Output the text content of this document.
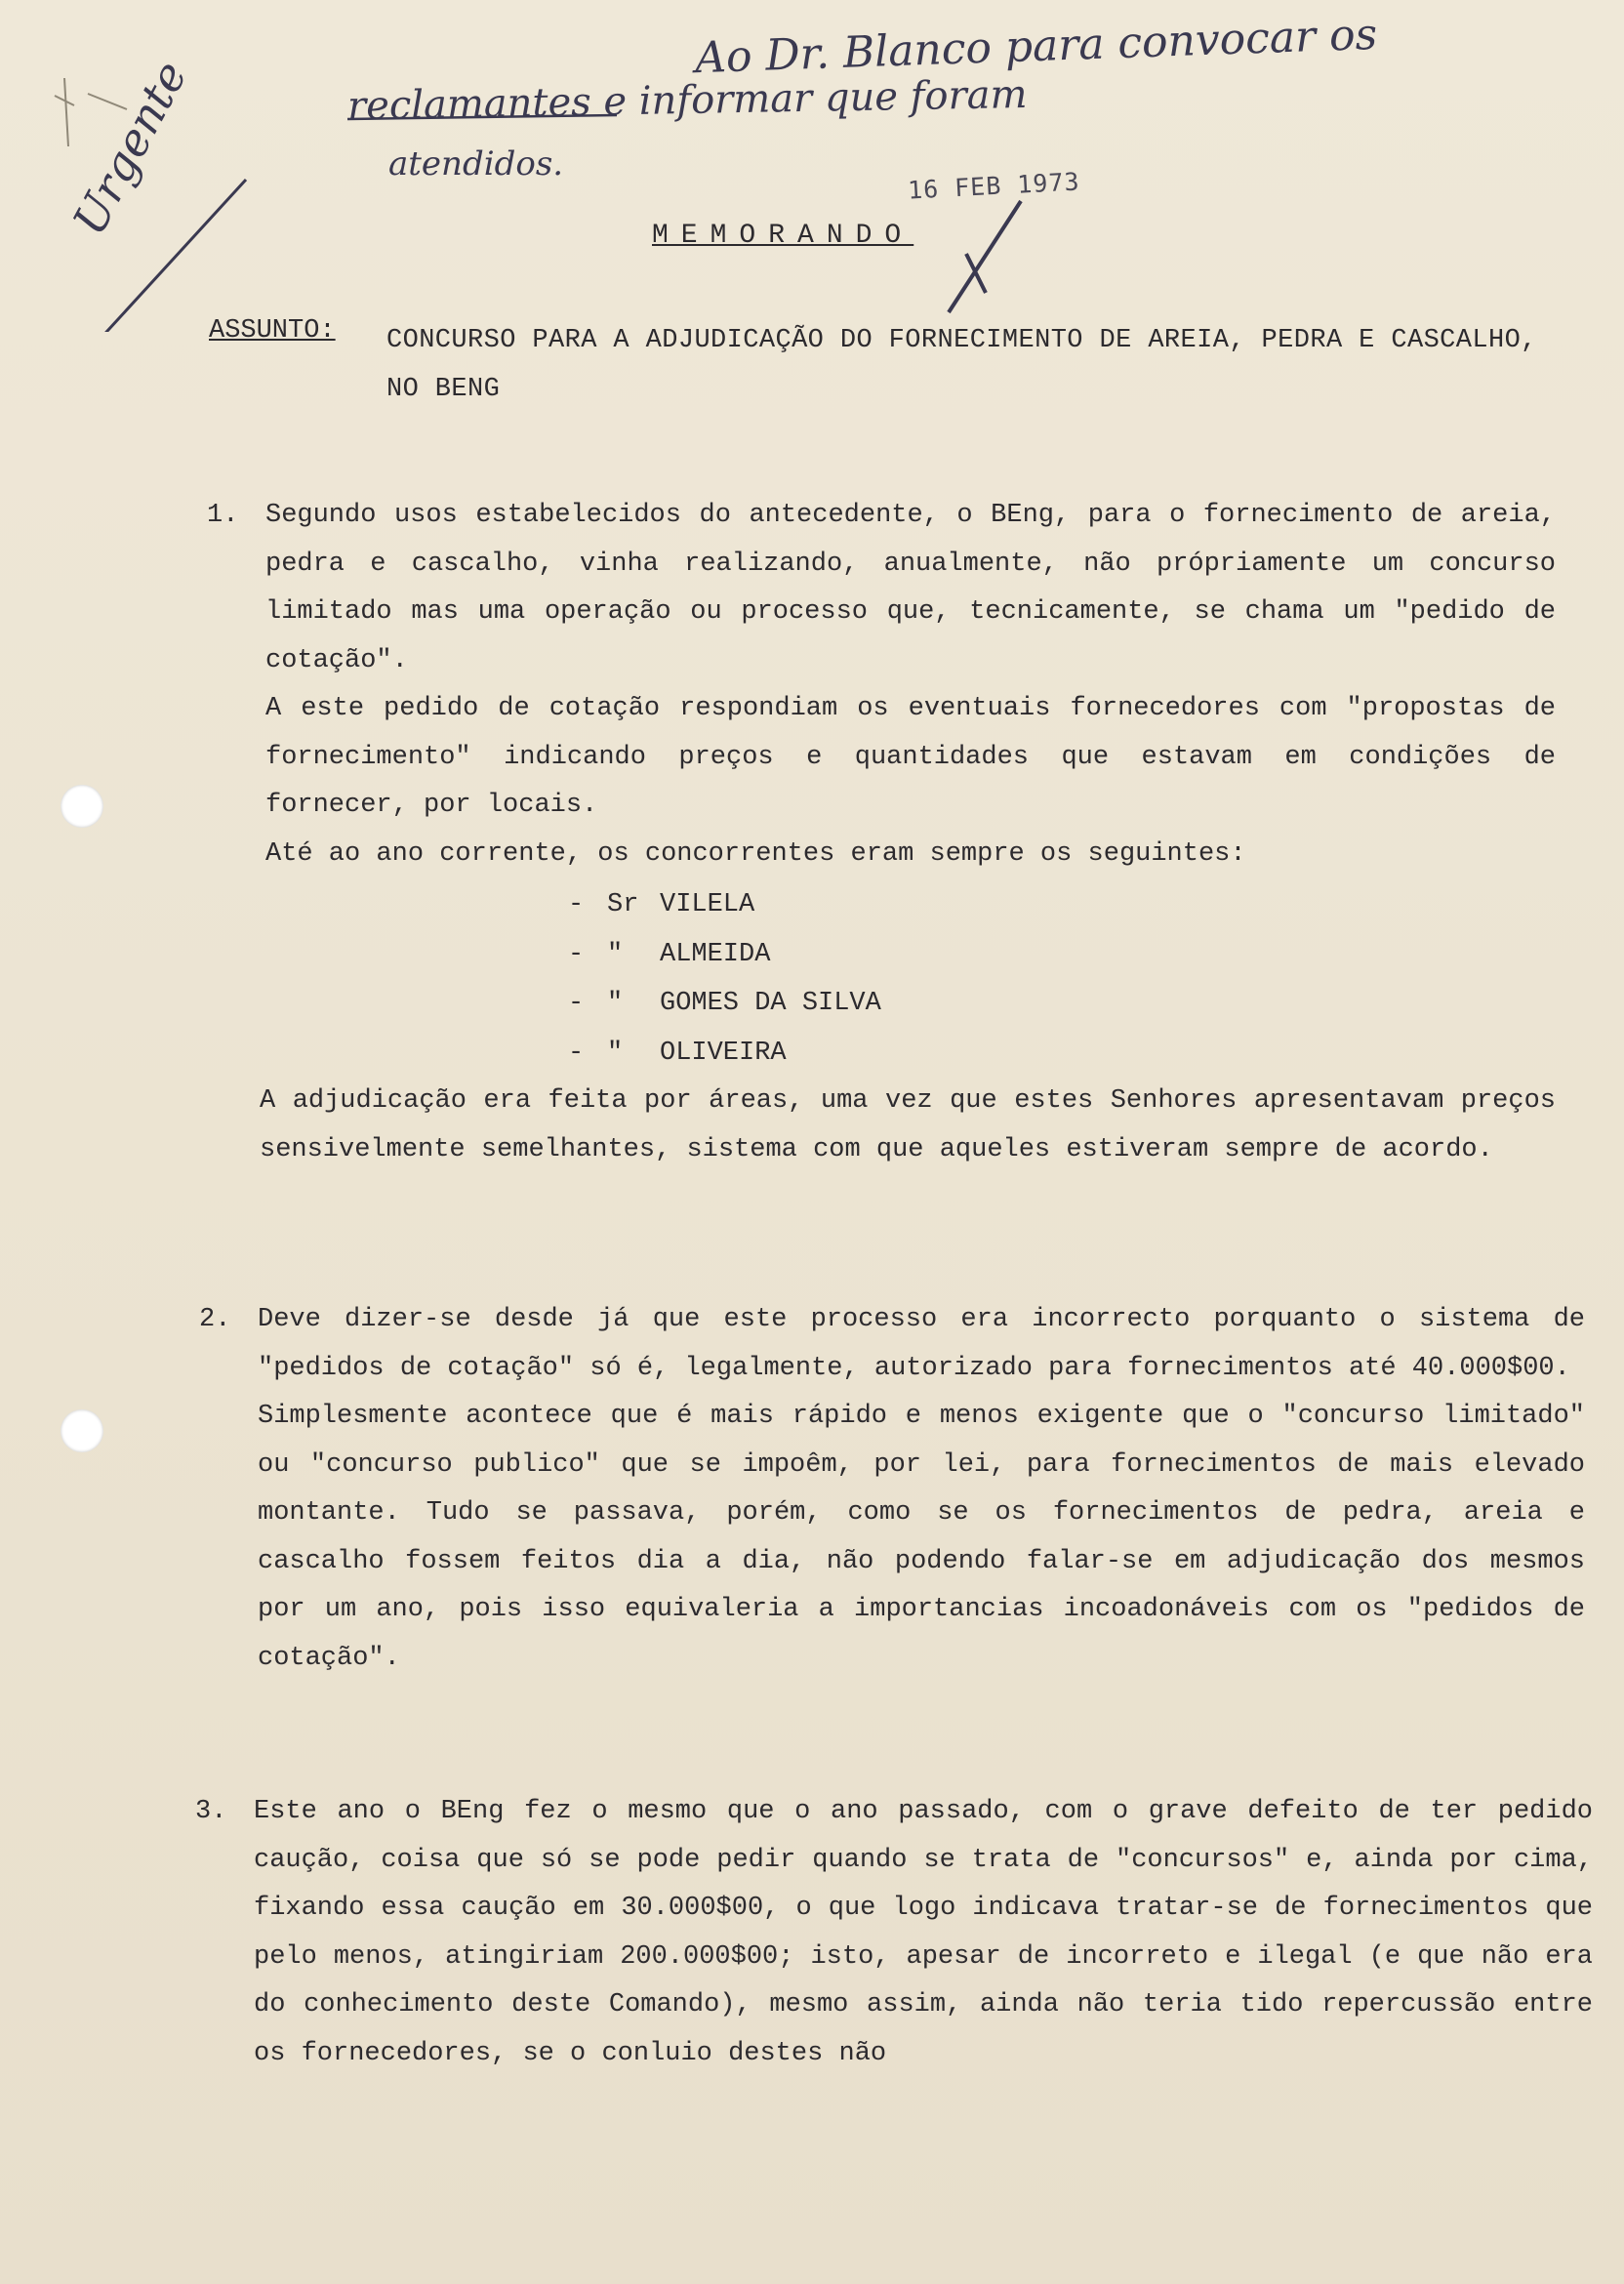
Ao Dr. Blanco para convocar os
reclamantes e informar que foram
atendidos.
Urgente	16 FEB 1973
MEMORANDO
ASSUNTO: CONCURSO PARA A ADJUDICAÇÃO DO FORNECIMENTO DE AREIA, PEDRA E CASCALHO, NO BENG
1. Segundo usos estabelecidos do antecedente, o BEng, para o fornecimento de areia, pedra e cascalho, vinha realizando, anualmente, não própriamente um concurso limitado mas uma operação ou processo que, tecnicamente, se chama um "pedido de cotação".

A este pedido de cotação respondiam os eventuais fornecedores com "propostas de fornecimento" indicando preços e quantidades que estavam em condições de fornecer, por locais.

Até ao ano corrente, os concorrentes eram sempre os seguintes:

- Sr VILELA
- " ALMEIDA
- " GOMES DA SILVA
- " OLIVEIRA

A adjudicação era feita por áreas, uma vez que estes Senhores apresentavam preços sensivelmente semelhantes, sistema com que aqueles estiveram sempre de acordo.

2. Deve dizer-se desde já que este processo era incorrecto porquanto o sistema de "pedidos de cotação" só é, legalmente, autorizado para fornecimentos até 40.000$00.

Simplesmente acontece que é mais rápido e menos exigente que o "concurso limitado" ou "concurso publico" que se impoêm, por lei, para fornecimentos de mais elevado montante. Tudo se passava, porém, como se os fornecimentos de pedra, areia e cascalho fossem feitos dia a dia, não podendo falar-se em adjudicação dos mesmos por um ano, pois isso equivaleria a importancias incoadonáveis com os "pedidos de cotação".

3. Este ano o BEng fez o mesmo que o ano passado, com o grave defeito de ter pedido caução, coisa que só se pode pedir quando se trata de "concursos" e, ainda por cima, fixando essa caução em 30.000$00, o que logo indicava tratar-se de fornecimentos que pelo menos, atingiriam 200.000$00; isto, apesar de incorreto e ilegal (e que não era do conhecimento deste Comando), mesmo assim, ainda não teria tido repercussão entre os fornecedores, se o conluio destes não
